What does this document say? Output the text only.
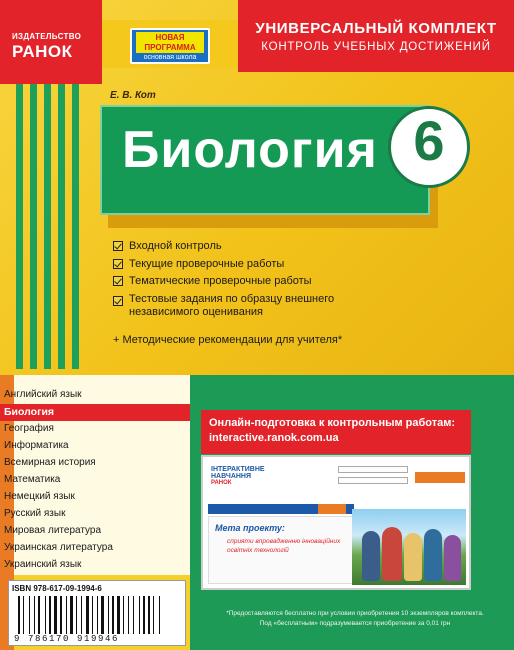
ИЗДАТЕЛЬСТВО
РАНОК
НОВАЯ
ПРОГРАММА
основная школа
УНИВЕРСАЛЬНЫЙ КОМПЛЕКТ
КОНТРОЛЬ УЧЕБНЫХ ДОСТИЖЕНИЙ
Е. В. Кот
Биология 6
Входной контроль
Текущие проверочные работы
Тематические проверочные работы
Тестовые задания по образцу внешнего
независимого оценивания
+ Методические рекомендации для учителя*
Английский язык
Биология
География
Информатика
Всемирная история
Математика
Немецкий язык
Русский язык
Мировая литература
Украинская литература
Украинский язык
ISBN 978-617-09-1994-6
9 786170 919946
Онлайн-подготовка к контрольным работам:
interactive.ranok.com.ua
ІНТЕРАКТИВНЕ НАВЧАННЯ
РАНОК
Мета проекту:
сприяти впровадженню інноваційних
освітніх технологій
*Предоставляются бесплатно при условии приобретения 10 экземпляров комплекта.
Под «бесплатным» подразумевается приобретение за 0,01 грн
